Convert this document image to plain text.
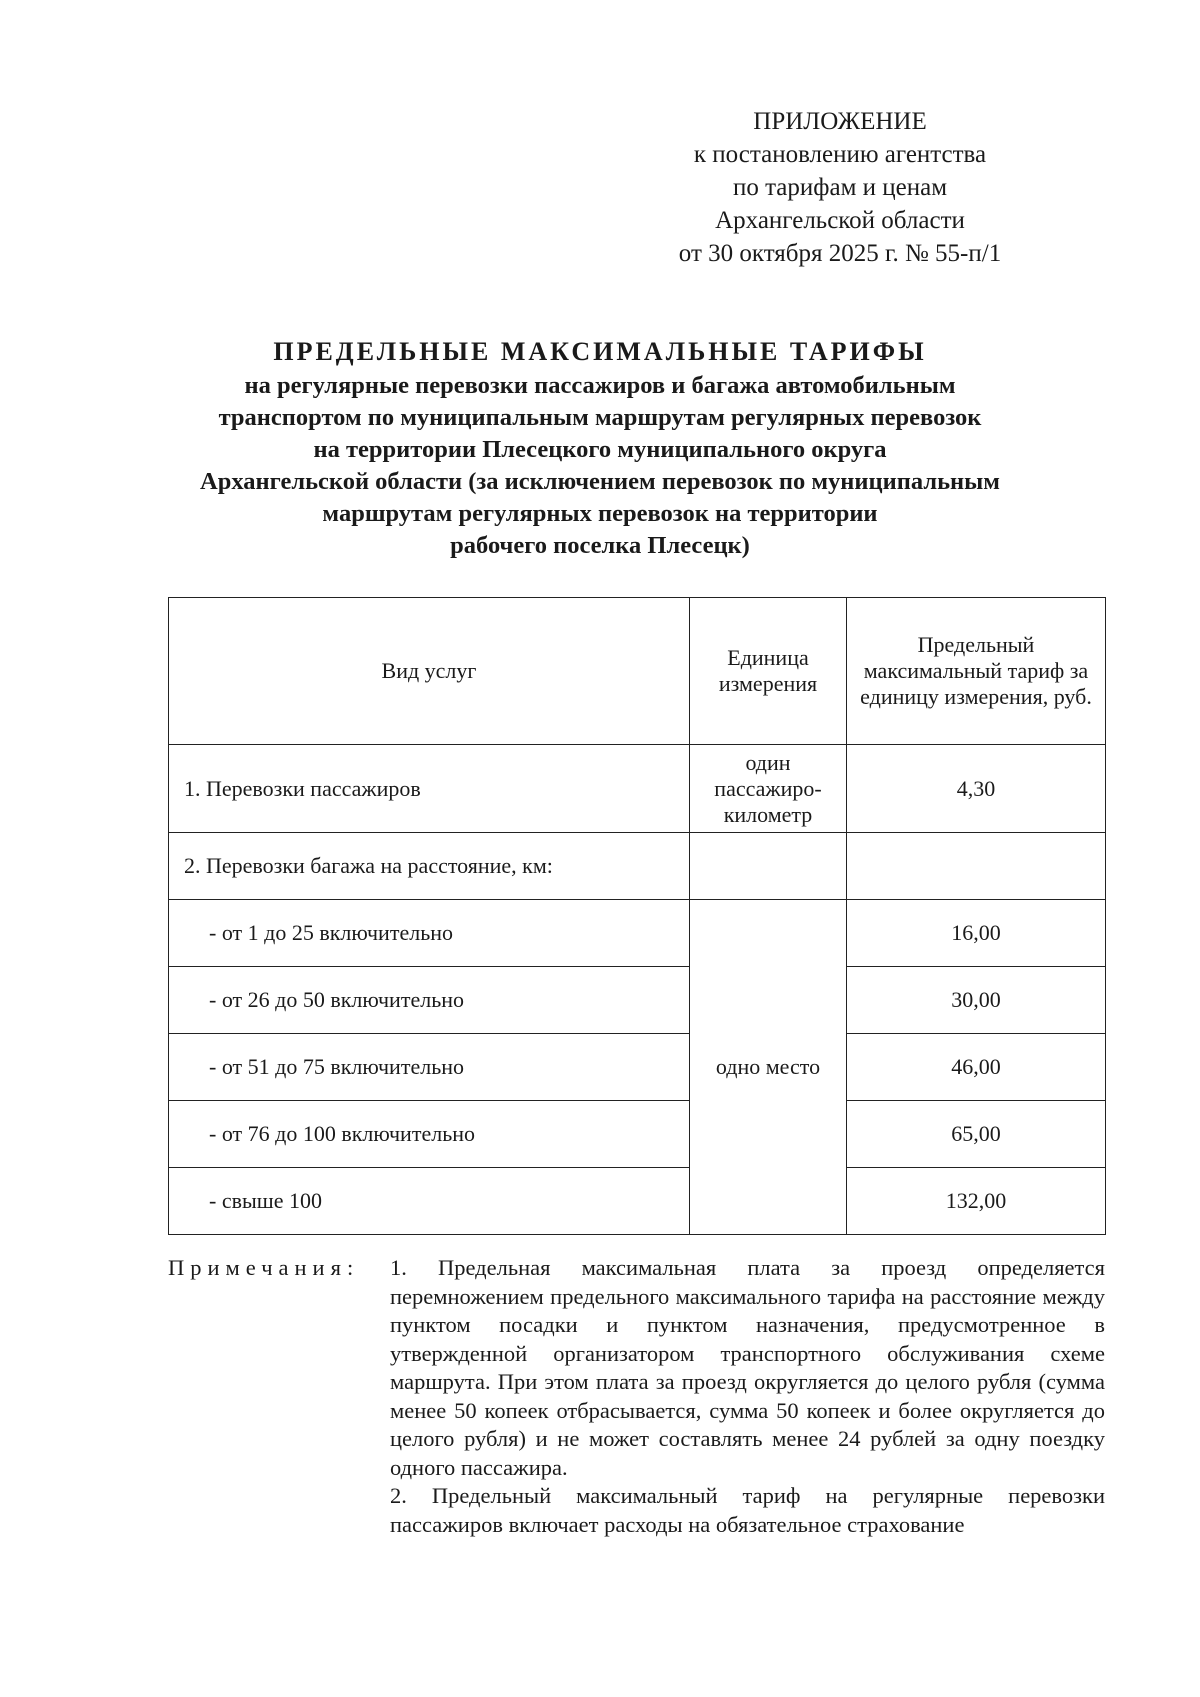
ПРИЛОЖЕНИЕ
к постановлению агентства
по тарифам и ценам
Архангельской области
от 30 октября 2025 г. № 55-п/1
ПРЕДЕЛЬНЫЕ МАКСИМАЛЬНЫЕ ТАРИФЫ
на регулярные перевозки пассажиров и багажа автомобильным
транспортом по муниципальным маршрутам регулярных перевозок
на территории Плесецкого муниципального округа
Архангельской области (за исключением перевозок по муниципальным
маршрутам регулярных перевозок на территории
рабочего поселка Плесецк)
Вид услуг	Единица измерения	Предельный максимальный тариф за единицу измерения, руб.
1. Перевозки пассажиров	один пассажиро-километр	4,30
2. Перевозки багажа на расстояние, км:		
- от 1 до 25 включительно	одно место	16,00
- от 26 до 50 включительно		30,00
- от 51 до 75 включительно		46,00
- от 76 до 100 включительно		65,00
- свыше 100		132,00
Примечания: 1. Предельная максимальная плата за проезд определяется перемножением предельного максимального тарифа на расстояние между пунктом посадки и пунктом назначения, предусмотренное в утвержденной организатором транспортного обслуживания схеме маршрута. При этом плата за проезд округляется до целого рубля (сумма менее 50 копеек отбрасывается, сумма 50 копеек и более округляется до целого рубля) и не может составлять менее 24 рублей за одну поездку одного пассажира.

2. Предельный максимальный тариф на регулярные перевозки пассажиров включает расходы на обязательное страхование
